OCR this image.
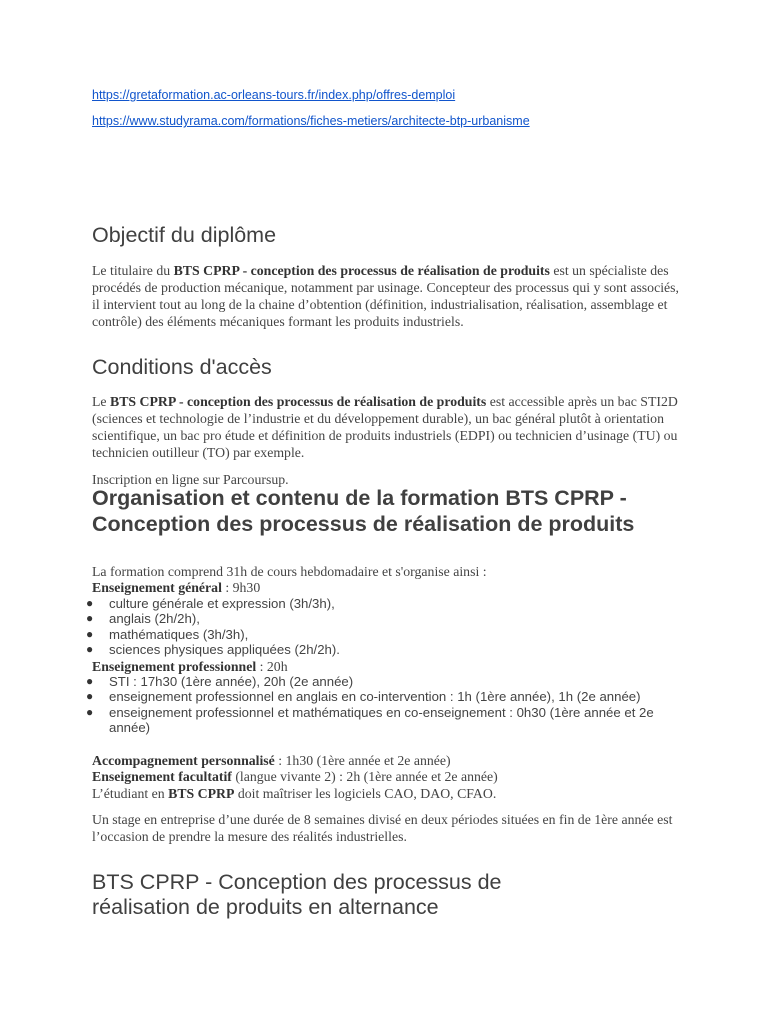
https://gretaformation.ac-orleans-tours.fr/index.php/offres-demploi
https://www.studyrama.com/formations/fiches-metiers/architecte-btp-urbanisme
Objectif du diplôme

Le titulaire du BTS CPRP - conception des processus de réalisation de produits est un spécialiste des procédés de production mécanique, notamment par usinage. Concepteur des processus qui y sont associés, il intervient tout au long de la chaine d’obtention (définition, industrialisation, réalisation, assemblage et contrôle) des éléments mécaniques formant les produits industriels.

Conditions d'accès

Le BTS CPRP - conception des processus de réalisation de produits est accessible après un bac STI2D (sciences et technologie de l’industrie et du développement durable), un bac général plutôt à orientation scientifique, un bac pro étude et définition de produits industriels (EDPI) ou technicien d’usinage (TU) ou technicien outilleur (TO) par exemple.

Inscription en ligne sur Parcoursup.

Organisation et contenu de la formation BTS CPRP - Conception des processus de réalisation de produits

La formation comprend 31h de cours hebdomadaire et s'organise ainsi :

Enseignement général : 9h30

● culture générale et expression (3h/3h),
● anglais (2h/2h),
● mathématiques (3h/3h),
● sciences physiques appliquées (2h/2h).

Enseignement professionnel : 20h

● STI : 17h30 (1ère année), 20h (2e année)
● enseignement professionnel en anglais en co-intervention : 1h (1ère année), 1h (2e année)
● enseignement professionnel et mathématiques en co-enseignement : 0h30 (1ère année et 2e année)

Accompagnement personnalisé : 1h30 (1ère année et 2e année)

Enseignement facultatif (langue vivante 2) : 2h (1ère année et 2e année)

L’étudiant en BTS CPRP doit maîtriser les logiciels CAO, DAO, CFAO.

Un stage en entreprise d’une durée de 8 semaines divisé en deux périodes situées en fin de 1ère année est l’occasion de prendre la mesure des réalités industrielles.

BTS CPRP - Conception des processus de réalisation de produits en alternance
